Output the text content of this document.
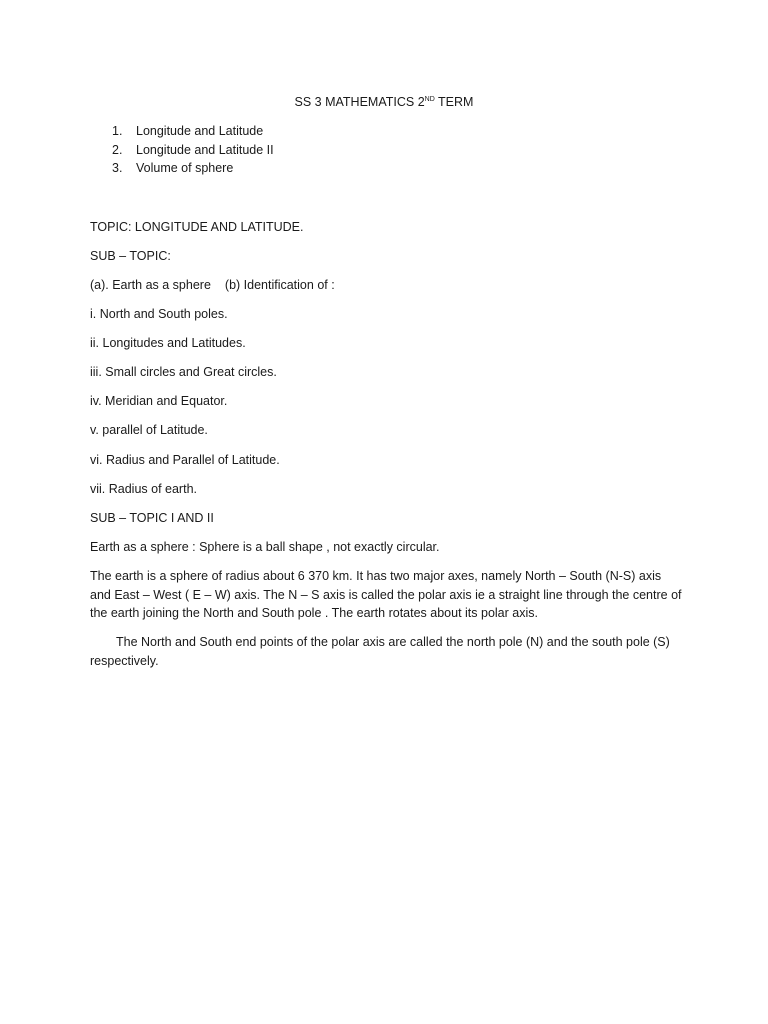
SS 3 MATHEMATICS 2ND TERM
1. Longitude and Latitude
2. Longitude and Latitude II
3. Volume of sphere
TOPIC: LONGITUDE AND LATITUDE.
SUB – TOPIC:
(a). Earth as a sphere (b) Identification of :
i. North and South poles.
ii. Longitudes and Latitudes.
iii. Small circles and Great circles.
iv. Meridian and Equator.
v. parallel of Latitude.
vi. Radius and Parallel of Latitude.
vii. Radius of earth.
SUB – TOPIC I AND II
Earth as a sphere : Sphere is a ball shape , not exactly circular.
The earth is a sphere of radius about 6 370 km. It has two major axes, namely North – South (N-S) axis
and East – West ( E – W) axis. The N – S axis is called the polar axis ie a straight line through the centre of
the earth joining the North and South pole . The earth rotates about its polar axis.
The North and South end points of the polar axis are called the north pole (N) and the south pole (S)
respectively.
